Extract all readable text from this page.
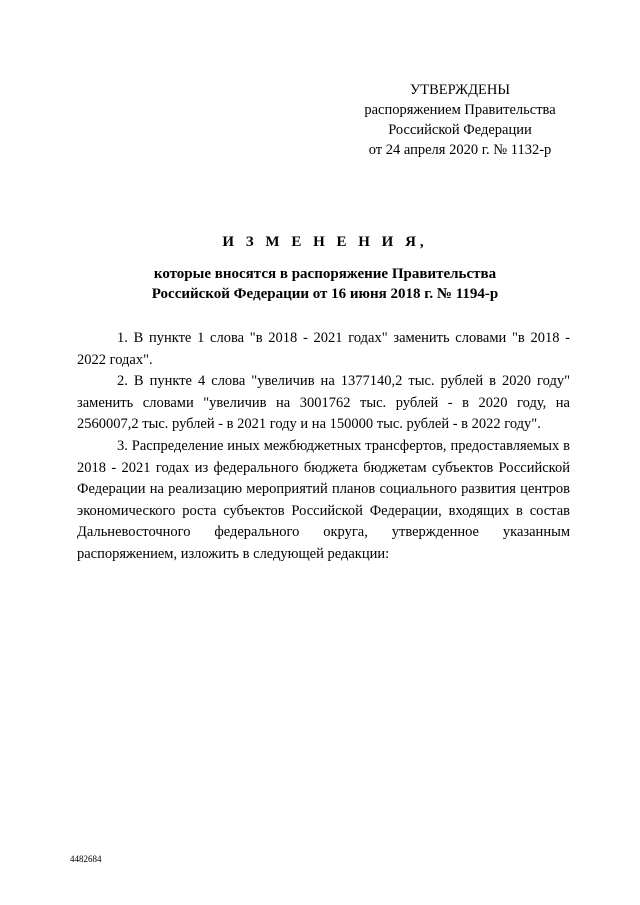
УТВЕРЖДЕНЫ
распоряжением Правительства
Российской Федерации
от 24 апреля 2020 г. № 1132-р
И З М Е Н Е Н И Я,
которые вносятся в распоряжение Правительства
Российской Федерации от 16 июня 2018 г. № 1194-р

1. В пункте 1 слова "в 2018 - 2021 годах" заменить словами "в 2018 - 2022 годах".

2. В пункте 4 слова "увеличив на 1377140,2 тыс. рублей в 2020 году" заменить словами "увеличив на 3001762 тыс. рублей - в 2020 году, на 2560007,2 тыс. рублей - в 2021 году и на 150000 тыс. рублей - в 2022 году".

3. Распределение иных межбюджетных трансфертов, предоставляемых в 2018 - 2021 годах из федерального бюджета бюджетам субъектов Российской Федерации на реализацию мероприятий планов социального развития центров экономического роста субъектов Российской Федерации, входящих в состав Дальневосточного федерального округа, утвержденное указанным распоряжением, изложить в следующей редакции:

4482684
